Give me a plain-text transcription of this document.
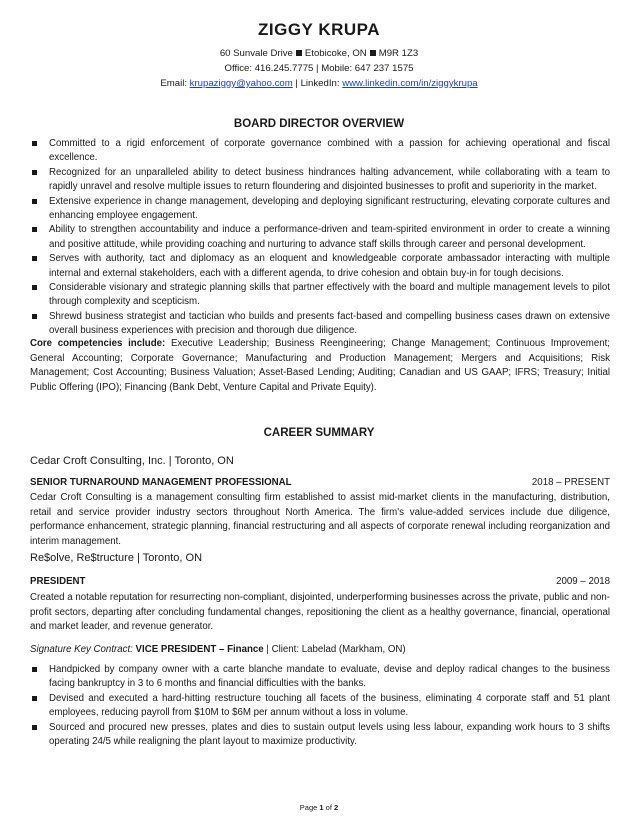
ZIGGY KRUPA
60 Sunvale Drive Etobicoke, ON M9R 1Z3
Office: 416.245.7775 | Mobile: 647 237 1575
Email: krupaziggy@yahoo.com | LinkedIn: www.linkedin.com/in/ziggykrupa
BOARD DIRECTOR OVERVIEW
Committed to a rigid enforcement of corporate governance combined with a passion for achieving operational and fiscal excellence.
Recognized for an unparalleled ability to detect business hindrances halting advancement, while collaborating with a team to rapidly unravel and resolve multiple issues to return floundering and disjointed businesses to profit and superiority in the market.
Extensive experience in change management, developing and deploying significant restructuring, elevating corporate cultures and enhancing employee engagement.
Ability to strengthen accountability and induce a performance-driven and team-spirited environment in order to create a winning and positive attitude, while providing coaching and nurturing to advance staff skills through career and personal development.
Serves with authority, tact and diplomacy as an eloquent and knowledgeable corporate ambassador interacting with multiple internal and external stakeholders, each with a different agenda, to drive cohesion and obtain buy-in for tough decisions.
Considerable visionary and strategic planning skills that partner effectively with the board and multiple management levels to pilot through complexity and scepticism.
Shrewd business strategist and tactician who builds and presents fact-based and compelling business cases drawn on extensive overall business experiences with precision and thorough due diligence.

Core competencies include: Executive Leadership; Business Reengineering; Change Management; Continuous Improvement; General Accounting; Corporate Governance; Manufacturing and Production Management; Mergers and Acquisitions; Risk Management; Cost Accounting; Business Valuation; Asset-Based Lending; Auditing; Canadian and US GAAP; IFRS; Treasury; Initial Public Offering (IPO); Financing (Bank Debt, Venture Capital and Private Equity).

CAREER SUMMARY
Cedar Croft Consulting, Inc. | Toronto, ON
SENIOR TURNAROUND MANAGEMENT PROFESSIONAL	2018 – PRESENT

Cedar Croft Consulting is a management consulting firm established to assist mid-market clients in the manufacturing, distribution, retail and service provider industry sectors throughout North America. The firm's value-added services include due diligence, performance enhancement, strategic planning, financial restructuring and all aspects of corporate renewal including reorganization and interim management.

Re$olve, Re$tructure | Toronto, ON
PRESIDENT	2009 – 2018

Created a notable reputation for resurrecting non-compliant, disjointed, underperforming businesses across the private, public and non-profit sectors, departing after concluding fundamental changes, repositioning the client as a healthy governance, financial, operational and market leader, and revenue generator.

Signature Key Contract: VICE PRESIDENT – Finance | Client: Labelad (Markham, ON)
Handpicked by company owner with a carte blanche mandate to evaluate, devise and deploy radical changes to the business facing bankruptcy in 3 to 6 months and financial difficulties with the banks.
Devised and executed a hard-hitting restructure touching all facets of the business, eliminating 4 corporate staff and 51 plant employees, reducing payroll from $10M to $6M per annum without a loss in volume.
Sourced and procured new presses, plates and dies to sustain output levels using less labour, expanding work hours to 3 shifts operating 24/5 while realigning the plant layout to maximize productivity.
Page 1 of 2
